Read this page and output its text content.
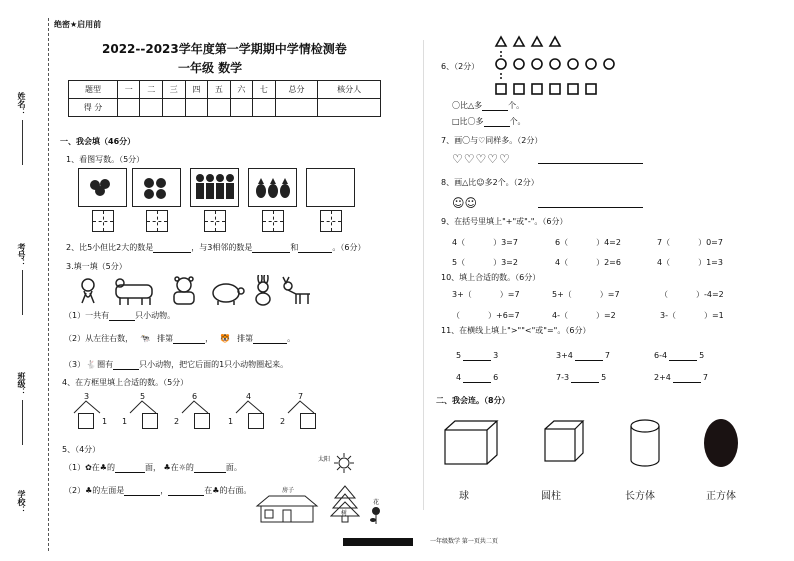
姓名：
考号：
班级：
学校：
绝密★启用前
2022--2023学年度第一学期期中学情检测卷
一年级 数学
题型	一	二	三	四	五	六	七	总分	核分人
得 分									
一、我会填（46分）
1、看图写数。（5分）
2、比5小但比2大的数是	，与3相邻的数是	和	。（6分）
3.填一填（5分）
（1）一共有	只小动物。
（2）从左往右数， 🐄 排第	， 🐯 排第	。
（3）🐇圈有	只小动物，把它后面的1只小动物圈起来。
4、在方框里填上合适的数。（5分）
3
1
5
1
6
2
4
1
7
2
5、（4分）
（1）✿在♣的	面， ♣在☼的	面。
（2）♣的左面是	，	在♣的右面。
太阳
房子
树
花
6、（2分）
〇比△多	个。
□比〇多	个。
7、画〇与♡同样多。（2分）
♡♡♡♡♡
8、画△比☺多2个。（2分）
☺☺
9、在括号里填上"+"或"-"。（6分）
4（	）3=7	6（	）4=2	7（	）0=7
5（	）3=2	4（	）2=6	4（	）1=3
10、填上合适的数。（6分）
3+（	）=7	5+（	）=7	（	）-4=2
（	）+6=7	4-（	）=2	3-（	）=1
11、在横线上填上">""<"或"="。（6分）
5	3	3+4	7	6-4	5
4	6	7-3	5	2+4	7
二、我会连。（8分）
球	圆柱	长方体	正方体
一年级数学 第一页共二页
